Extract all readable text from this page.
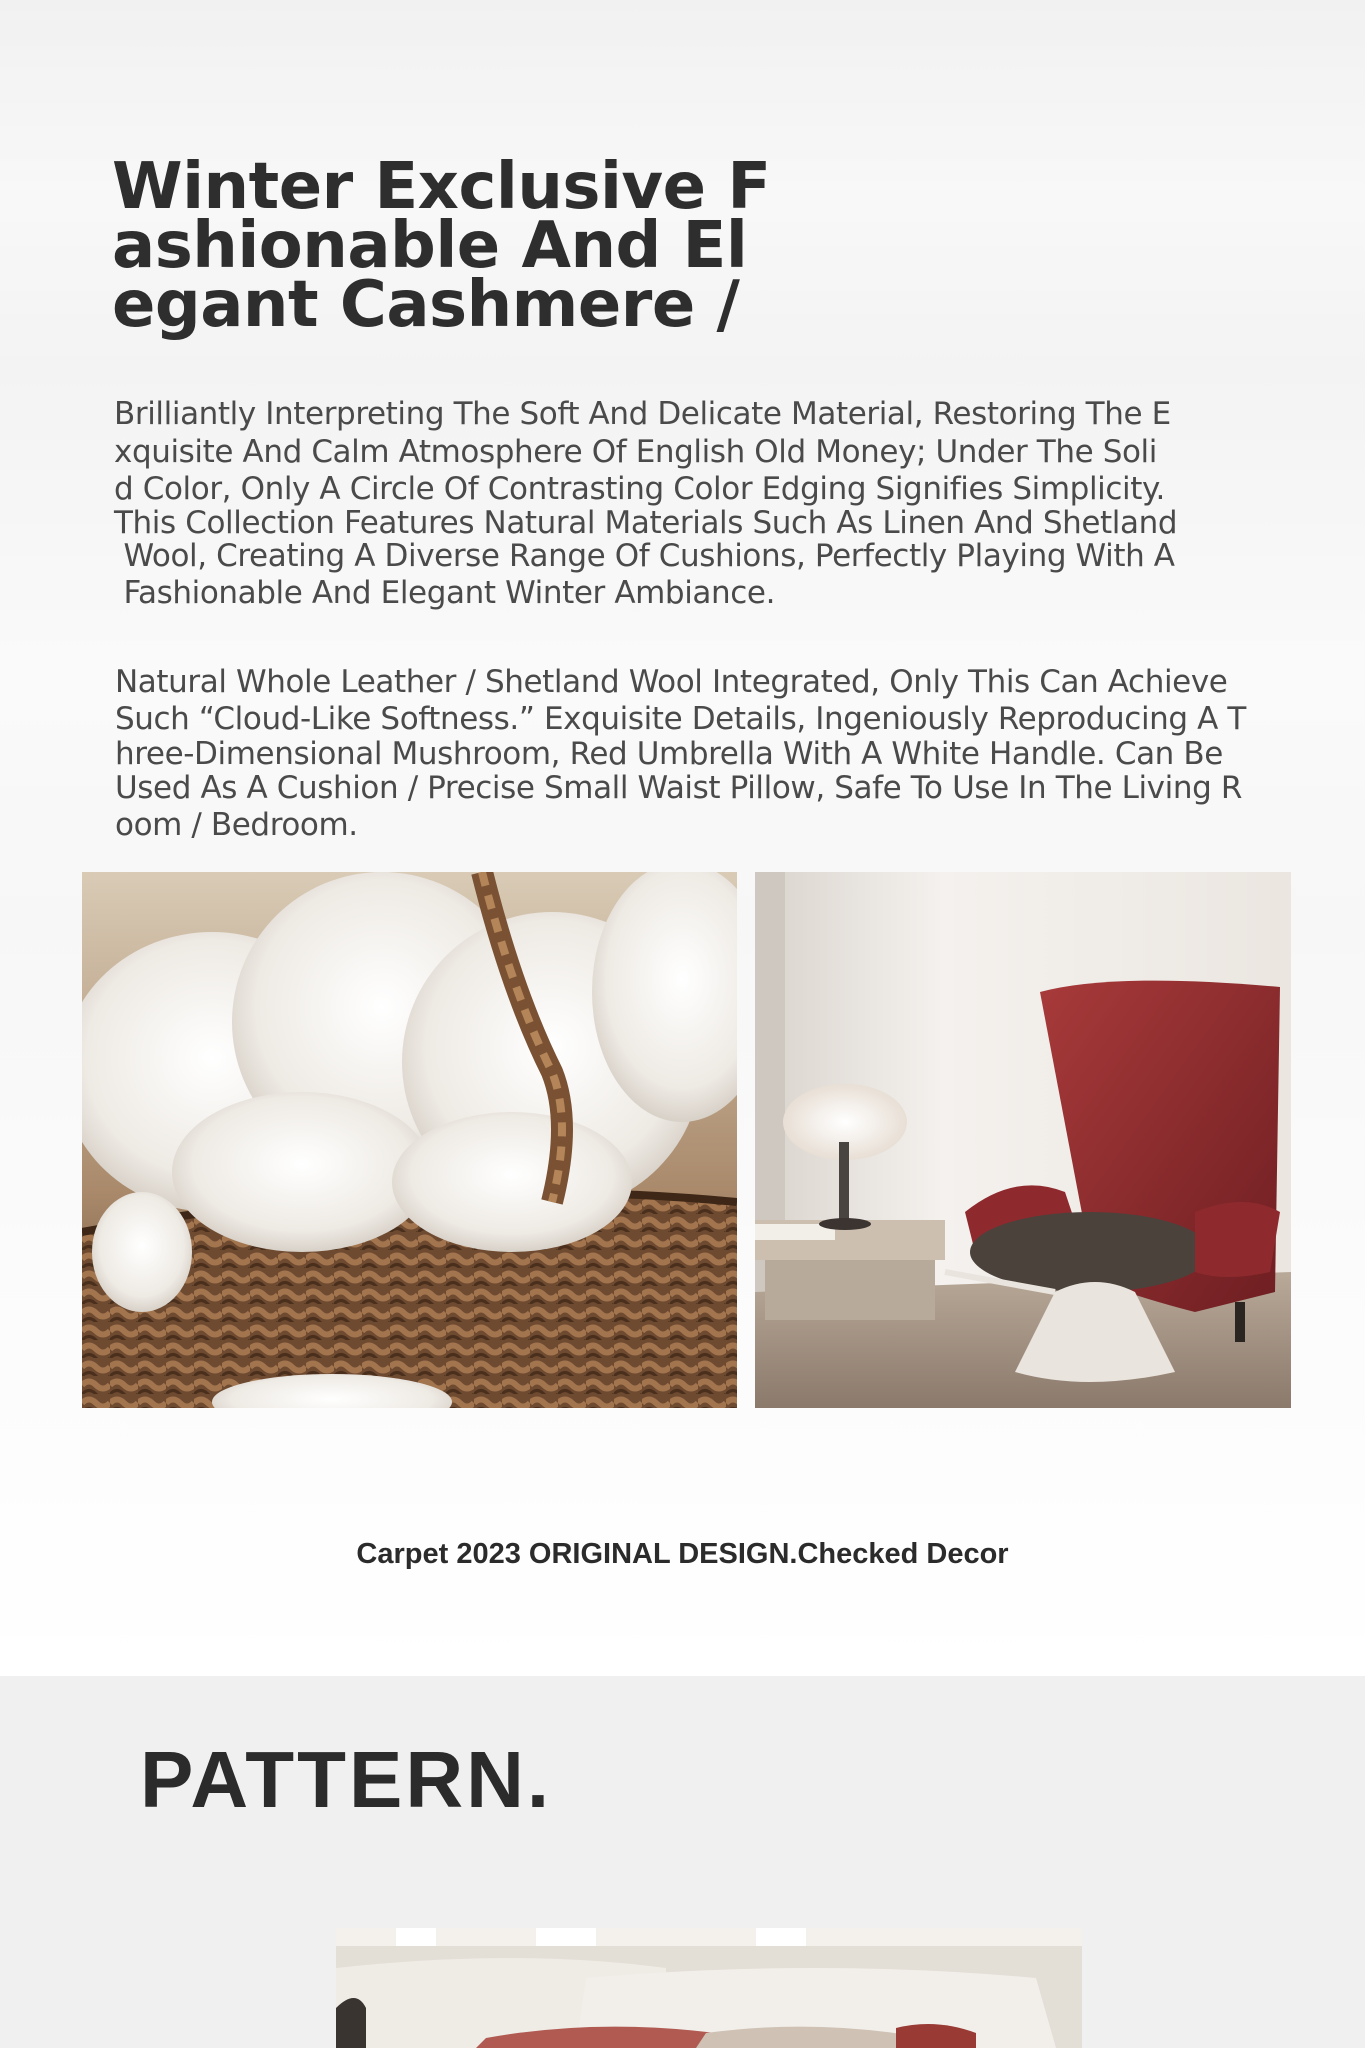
Winter Exclusive F
ashionable And El
egant Cashmere /

Brilliantly Interpreting The Soft And Delicate Material, Restoring The E
xquisite And Calm Atmosphere Of English Old Money; Under The Soli
d Color, Only A Circle Of Contrasting Color Edging Signifies Simplicity.
This Collection Features Natural Materials Such As Linen And Shetland
Wool, Creating A Diverse Range Of Cushions, Perfectly Playing With A
Fashionable And Elegant Winter Ambiance.

Natural Whole Leather / Shetland Wool Integrated, Only This Can Achieve
Such “Cloud-Like Softness.” Exquisite Details, Ingeniously Reproducing A T
hree-Dimensional Mushroom, Red Umbrella With A White Handle. Can Be
Used As A Cushion / Precise Small Waist Pillow, Safe To Use In The Living R
oom / Bedroom.

Carpet 2023 ORIGINAL DESIGN.Checked Decor

PATTERN.
